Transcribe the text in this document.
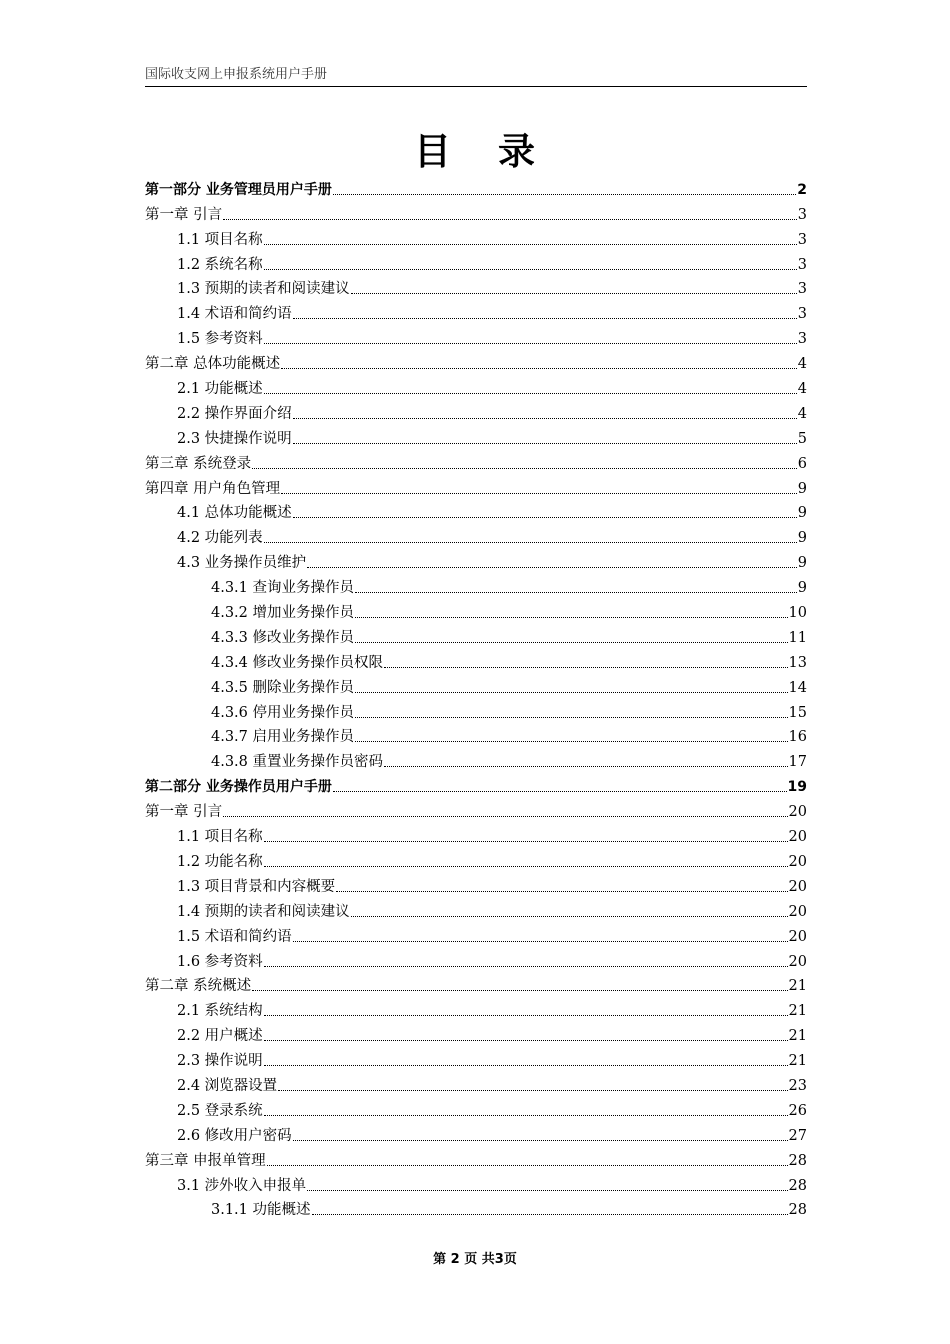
国际收支网上申报系统用户手册
目 录
第一部分 业务管理员用户手册	2
第一章 引言	3
1.1 项目名称	3
1.2 系统名称	3
1.3 预期的读者和阅读建议	3
1.4 术语和简约语	3
1.5 参考资料	3
第二章 总体功能概述	4
2.1 功能概述	4
2.2 操作界面介绍	4
2.3 快捷操作说明	5
第三章 系统登录	6
第四章 用户角色管理	9
4.1 总体功能概述	9
4.2 功能列表	9
4.3 业务操作员维护	9
4.3.1 查询业务操作员	9
4.3.2 增加业务操作员	10
4.3.3 修改业务操作员	11
4.3.4 修改业务操作员权限	13
4.3.5 删除业务操作员	14
4.3.6 停用业务操作员	15
4.3.7 启用业务操作员	16
4.3.8 重置业务操作员密码	17
第二部分 业务操作员用户手册	19
第一章 引言	20
1.1 项目名称	20
1.2 功能名称	20
1.3 项目背景和内容概要	20
1.4 预期的读者和阅读建议	20
1.5 术语和简约语	20
1.6 参考资料	20
第二章 系统概述	21
2.1 系统结构	21
2.2 用户概述	21
2.3 操作说明	21
2.4 浏览器设置	23
2.5 登录系统	26
2.6 修改用户密码	27
第三章 申报单管理	28
3.1 涉外收入申报单	28
3.1.1 功能概述	28
第 2 页 共3页
